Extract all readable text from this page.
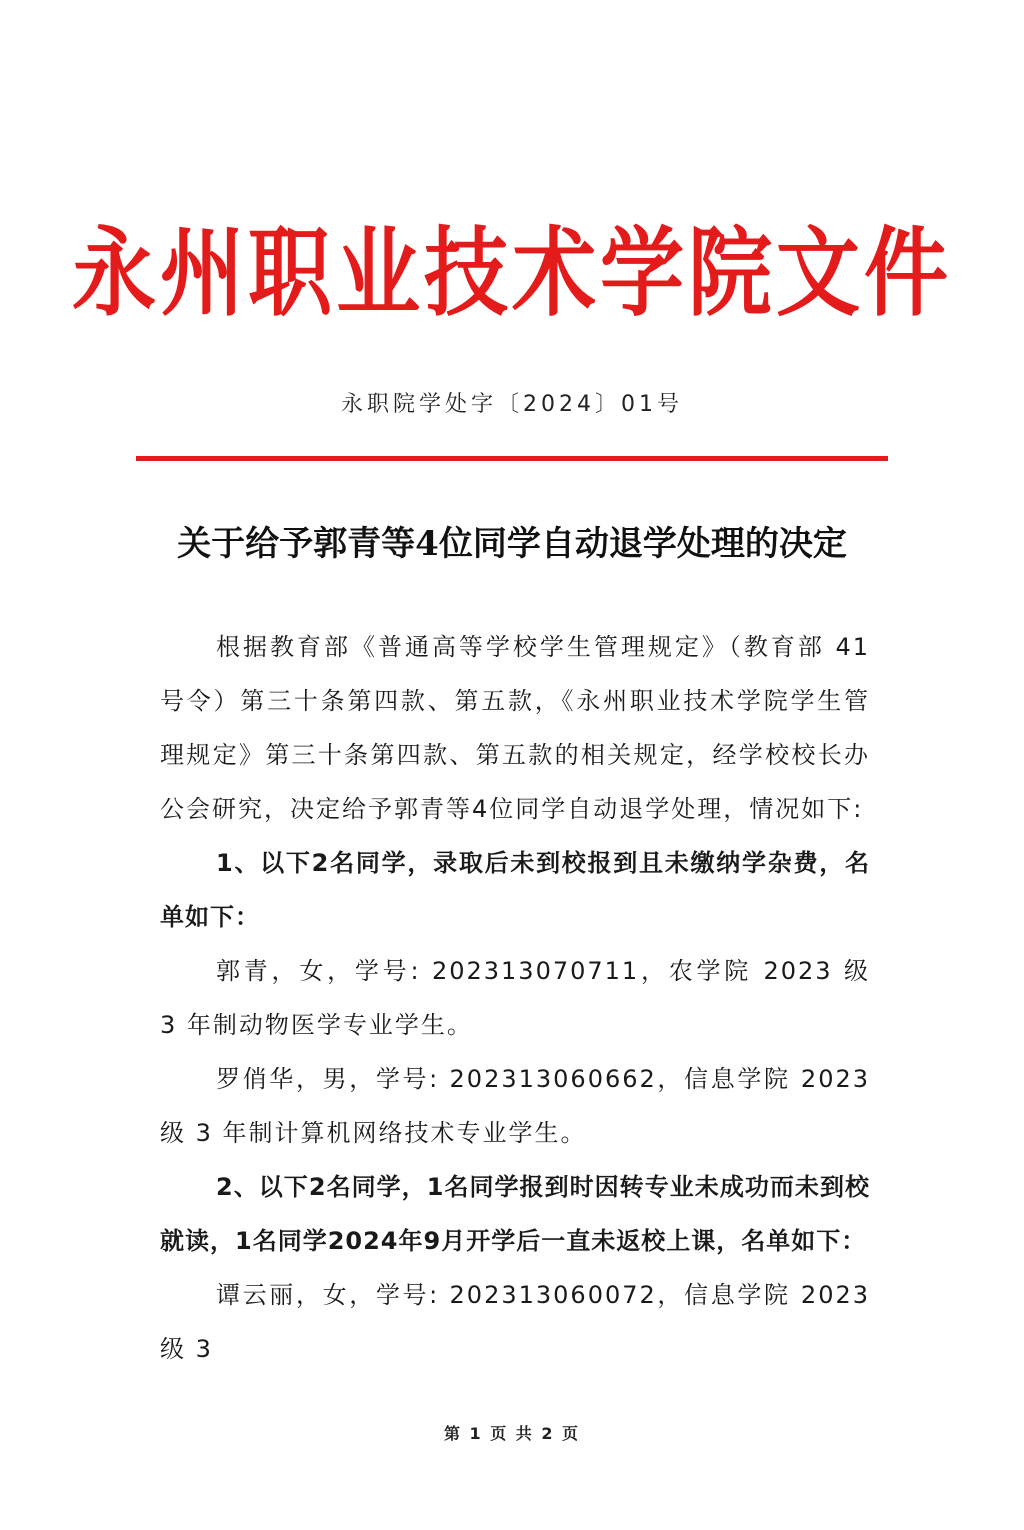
永州职业技术学院文件
永职院学处字〔2024〕01号
关于给予郭青等4位同学自动退学处理的决定

根据教育部《普通高等学校学生管理规定》（教育部 41号令）第三十条第四款、第五款，《永州职业技术学院学生管理规定》第三十条第四款、第五款的相关规定，经学校校长办公会研究，决定给予郭青等4位同学自动退学处理，情况如下:

1、以下2名同学，录取后未到校报到且未缴纳学杂费，名单如下：

郭青，女，学号: 202313070711，农学院 2023 级 3 年制动物医学专业学生。

罗俏华，男，学号: 202313060662，信息学院 2023 级 3 年制计算机网络技术专业学生。

2、以下2名同学，1名同学报到时因转专业未成功而未到校就读，1名同学2024年9月开学后一直未返校上课，名单如下：

谭云丽，女，学号: 202313060072，信息学院 2023 级 3

第 1 页 共 2 页
